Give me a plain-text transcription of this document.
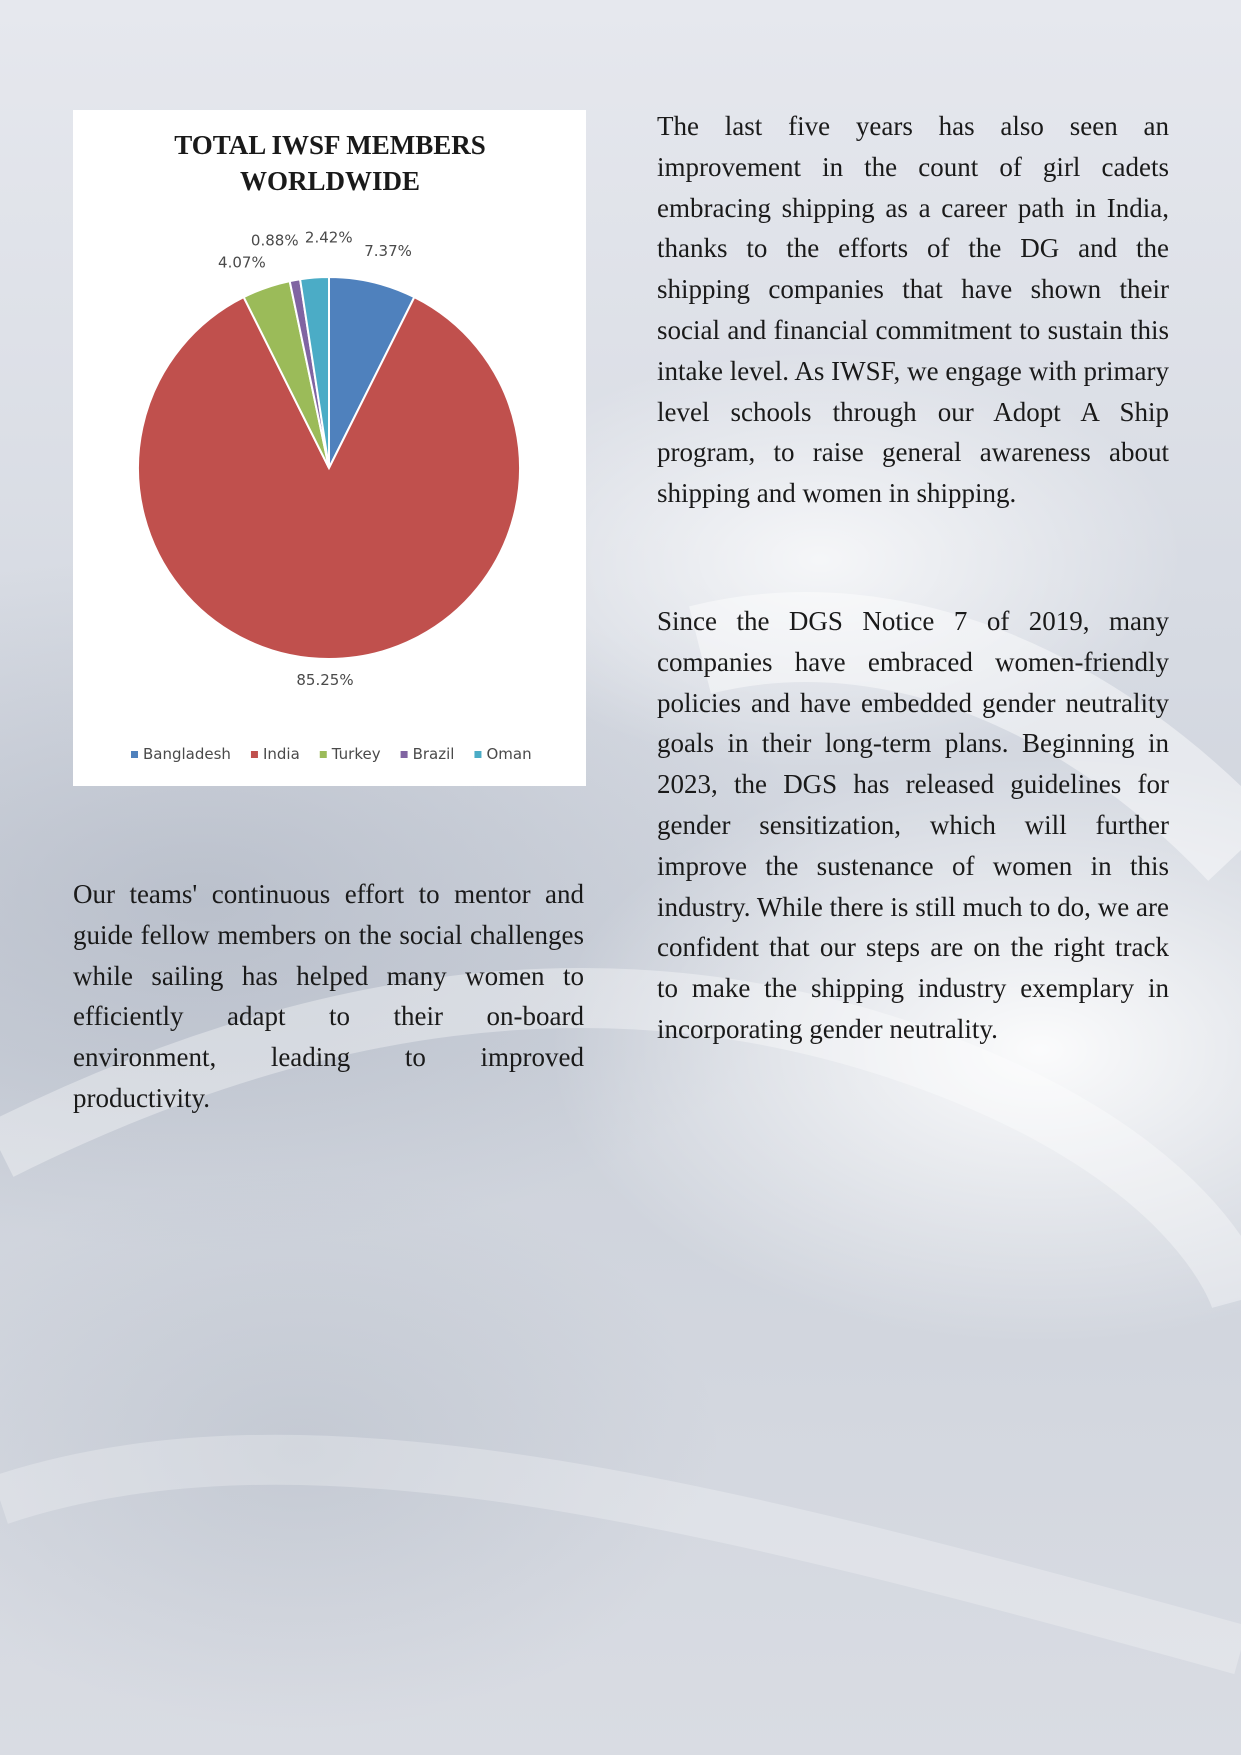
TOTAL IWSF MEMBERS
WORLDWIDE
7.37%
85.25%
4.07%
0.88% 2.42%
Bangladesh India Turkey Brazil Oman

The last five years has also seen an improvement in the count of girl cadets embracing shipping as a career path in India, thanks to the efforts of the DG and the shipping companies that have shown their social and financial commitment to sustain this intake level. As IWSF, we engage with primary level schools through our Adopt A Ship program, to raise general awareness about shipping and women in shipping.

Since the DGS Notice 7 of 2019, many companies have embraced women-friendly policies and have embedded gender neutrality goals in their long-term plans. Beginning in 2023, the DGS has released guidelines for gender sensitization, which will further improve the sustenance of women in this industry. While there is still much to do, we are confident that our steps are on the right track to make the shipping industry exemplary in incorporating gender neutrality.

Our teams' continuous effort to mentor and guide fellow members on the social challenges while sailing has helped many women to efficiently adapt to their on-board environment, leading to improved productivity.
